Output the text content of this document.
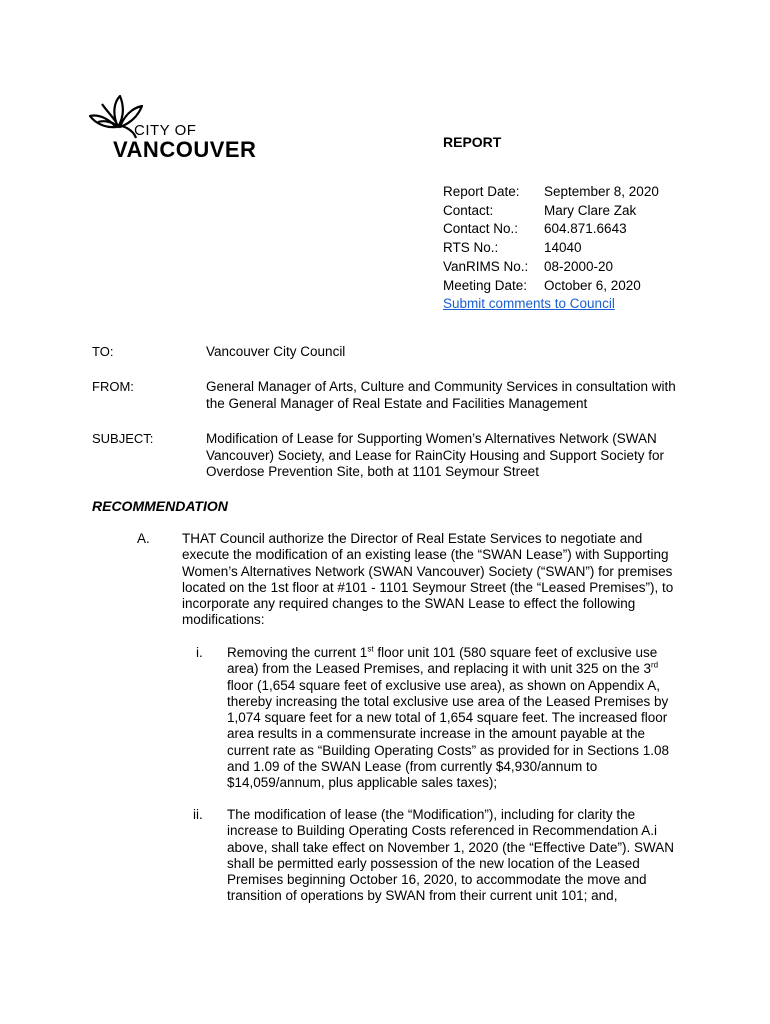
CITY OF
VANCOUVER	REPORT
Report Date:	September 8, 2020
Contact:	Mary Clare Zak
Contact No.:	604.871.6643
RTS No.:	14040
VanRIMS No.:	08-2000-20
Meeting Date:	October 6, 2020
Submit comments to Council
TO:	Vancouver City Council
FROM:	General Manager of Arts, Culture and Community Services in consultation with the General Manager of Real Estate and Facilities Management
SUBJECT:	Modification of Lease for Supporting Women’s Alternatives Network (SWAN Vancouver) Society, and Lease for RainCity Housing and Support Society for Overdose Prevention Site, both at 1101 Seymour Street
RECOMMENDATION
A. THAT Council authorize the Director of Real Estate Services to negotiate and execute the modification of an existing lease (the “SWAN Lease”) with Supporting Women’s Alternatives Network (SWAN Vancouver) Society (“SWAN”) for premises located on the 1st floor at #101 - 1101 Seymour Street (the “Leased Premises”), to incorporate any required changes to the SWAN Lease to effect the following modifications:
i. Removing the current 1st floor unit 101 (580 square feet of exclusive use area) from the Leased Premises, and replacing it with unit 325 on the 3rd floor (1,654 square feet of exclusive use area), as shown on Appendix A, thereby increasing the total exclusive use area of the Leased Premises by 1,074 square feet for a new total of 1,654 square feet. The increased floor area results in a commensurate increase in the amount payable at the current rate as “Building Operating Costs” as provided for in Sections 1.08 and 1.09 of the SWAN Lease (from currently $4,930/annum to $14,059/annum, plus applicable sales taxes);
ii. The modification of lease (the “Modification”), including for clarity the increase to Building Operating Costs referenced in Recommendation A.i above, shall take effect on November 1, 2020 (the “Effective Date”). SWAN shall be permitted early possession of the new location of the Leased Premises beginning October 16, 2020, to accommodate the move and transition of operations by SWAN from their current unit 101; and,
